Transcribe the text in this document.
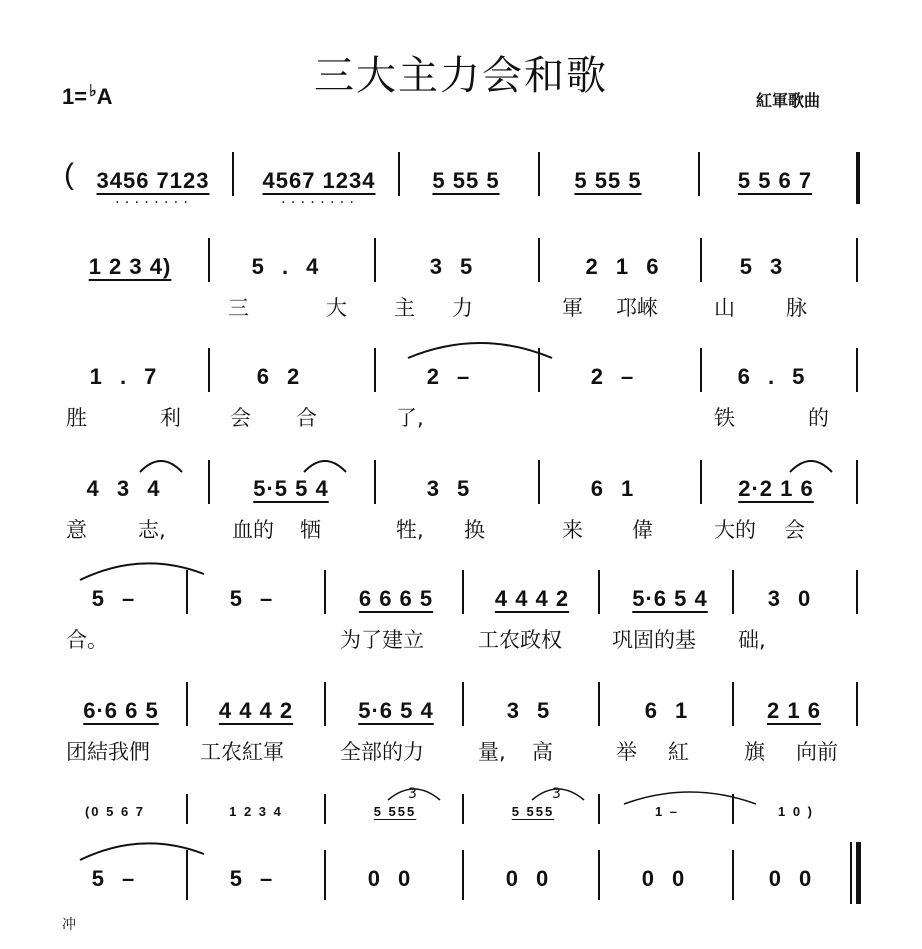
三大主力会和歌
1= ♭A	紅軍歌曲
(	3456 7123 • • •	4567 1234 • • •	5 55 5	5 55 5	5 5 6 7
1 2 3 4)	5 . 4	3 5	2 1 6	5 3
三	大 主 力	軍 邛崍	山 脉
1 . 7	6 2	2 –	2 –	6 . 5
胜	利 会 合	了,	铁	的
4 3 4	5·5 5 4	3 5	6 1	2·2 1 6
意 志,	血的 牺	牲, 换	来 偉	大的 会
5 –	5 –	6 6 6 5	4 4 4 2	5·6 5 4	3 0
合。	为了建立	工农政权 巩固的基 础,
6·6 6 5	4 4 4 2	5·6 5 4	3 5	6 1	2 1 6
团結我們 工农紅軍	全部的力	量, 高	举 紅	旗 向前
3	3
(0 5 6 7	1 2 3 4	5 555	5 555	1 –	1 0 )
5 –	5 –	0 0	0 0	0 0	0 0
冲
